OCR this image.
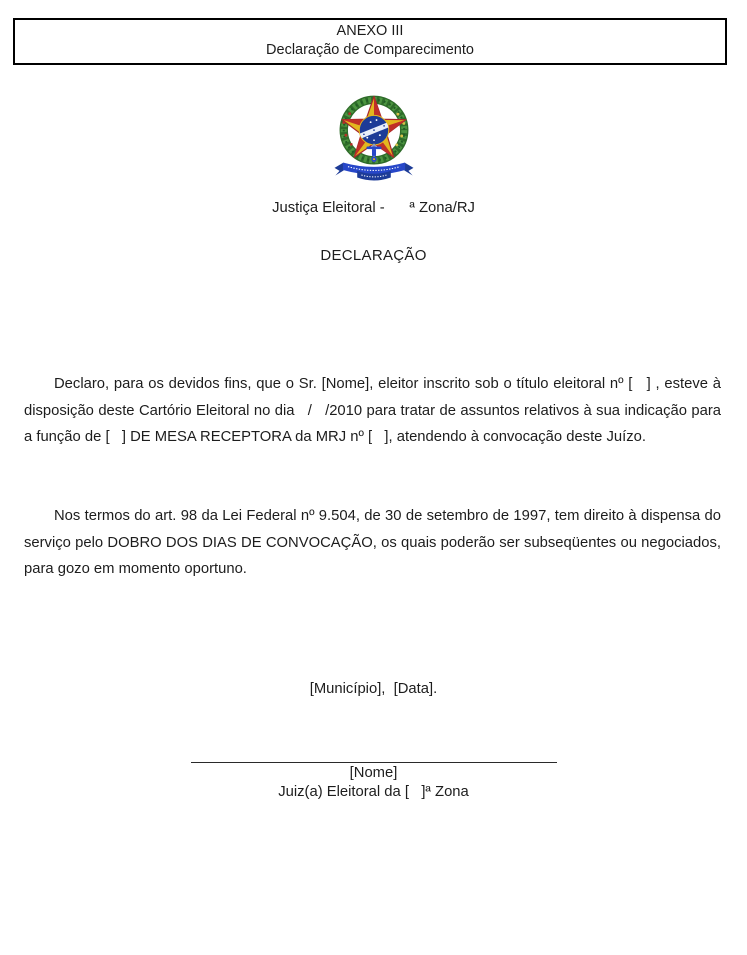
ANEXO III
Declaração de Comparecimento
Justiça Eleitoral -      ª Zona/RJ
DECLARAÇÃO

Declaro, para os devidos fins, que o Sr. [Nome], eleitor inscrito sob o título eleitoral nº [   ] , esteve à disposição deste Cartório Eleitoral no dia   /   /2010 para tratar de assuntos relativos à sua indicação para a função de [   ] DE MESA RECEPTORA da MRJ nº [   ], atendendo à convocação deste Juízo.

Nos termos do art. 98 da Lei Federal nº 9.504, de 30 de setembro de 1997, tem direito à dispensa do serviço pelo DOBRO DOS DIAS DE CONVOCAÇÃO, os quais poderão ser subseqüentes ou negociados, para gozo em momento oportuno.

[Município],  [Data].
[Nome]
Juiz(a) Eleitoral da [   ]ª Zona
